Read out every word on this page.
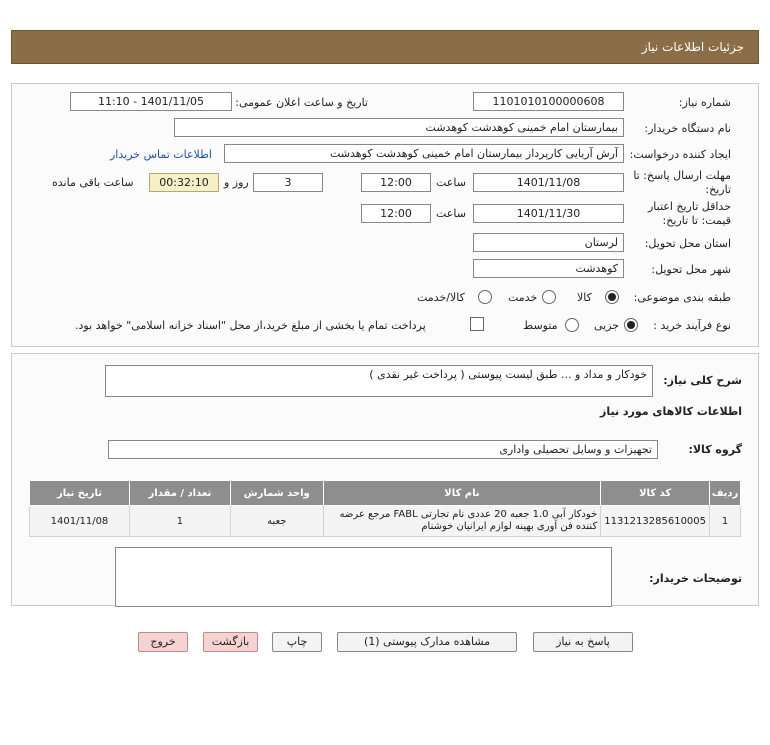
جزئیات اطلاعات نیاز
شماره نیاز:
1101010100000608
تاریخ و ساعت اعلان عمومی:
1401/11/05 - 11:10
نام دستگاه خریدار:
بیمارستان امام خمینی کوهدشت کوهدشت
ایجاد کننده درخواست:
آرش آریایی کارپرداز بیمارستان امام خمینی کوهدشت کوهدشت
اطلاعات تماس خریدار
مهلت ارسال پاسخ: تا
تاریخ:
1401/11/08
ساعت
12:00
3
روز و
00:32:10
ساعت باقی مانده
حداقل تاریخ اعتبار
قیمت: تا تاریخ:
1401/11/30
ساعت
12:00
استان محل تحویل:
لرستان
شهر محل تحویل:
کوهدشت
طبقه بندی موضوعی:
کالا
خدمت
کالا/خدمت
نوع فرآیند خرید :
جزیی
متوسط
پرداخت تمام یا بخشی از مبلغ خرید،از محل "اسناد خزانه اسلامی" خواهد بود.
شرح کلی نیاز:
خودکار و مداد و ... طبق لیست پیوستی ( پرداخت غیر نقدی )
اطلاعات کالاهای مورد نیاز
گروه کالا:
تجهیزات و وسایل تحصیلی واداری
توضیحات خریدار:
ردیف	کد کالا	نام کالا	واحد شمارش	تعداد / مقدار	تاریخ نیاز
1	1131213285610005	خودکار آبی 1.0 جعبه 20 عددی نام تجارتی FABL مرجع عرضه کننده فن آوری بهینه لوازم ایرانیان خوشنام	جعبه	1	1401/11/08
پاسخ به نیاز
مشاهده مدارک پیوستی (1)
چاپ
بازگشت
خروج
